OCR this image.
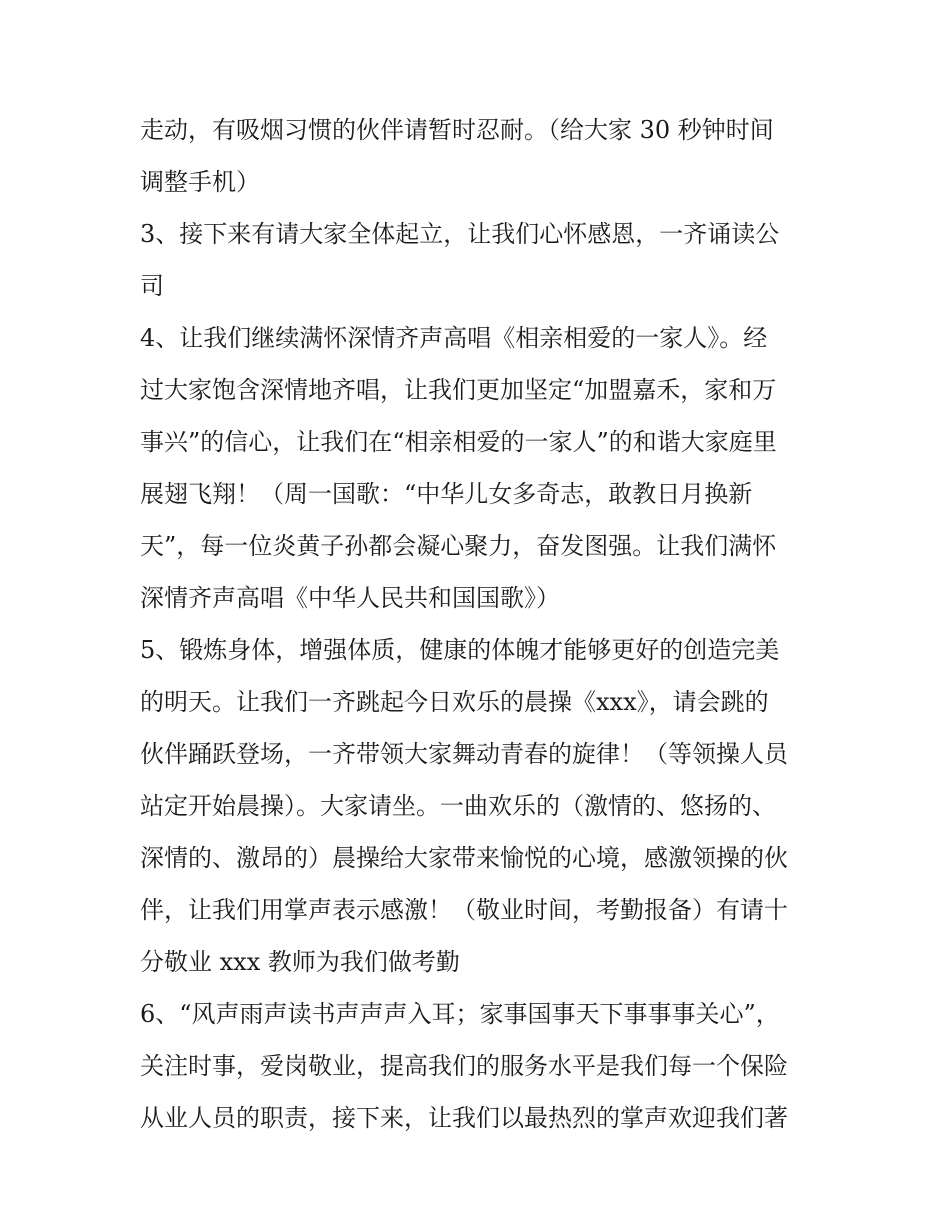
走动，有吸烟习惯的伙伴请暂时忍耐。（给大家 30 秒钟时间
调整手机）
3、接下来有请大家全体起立，让我们心怀感恩，一齐诵读公
司
4、让我们继续满怀深情齐声高唱《相亲相爱的一家人》。经
过大家饱含深情地齐唱，让我们更加坚定“加盟嘉禾，家和万
事兴”的信心，让我们在“相亲相爱的一家人”的和谐大家庭里
展翅飞翔！（周一国歌：“中华儿女多奇志，敢教日月换新
天”，每一位炎黄子孙都会凝心聚力，奋发图强。让我们满怀
深情齐声高唱《中华人民共和国国歌》）
5、锻炼身体，增强体质，健康的体魄才能够更好的创造完美
的明天。让我们一齐跳起今日欢乐的晨操《xxx》，请会跳的
伙伴踊跃登场，一齐带领大家舞动青春的旋律！（等领操人员
站定开始晨操）。大家请坐。一曲欢乐的（激情的、悠扬的、
深情的、激昂的）晨操给大家带来愉悦的心境，感激领操的伙
伴，让我们用掌声表示感激！（敬业时间，考勤报备）有请十
分敬业 xxx 教师为我们做考勤
6、“风声雨声读书声声声入耳；家事国事天下事事事关心”，
关注时事，爱岗敬业，提高我们的服务水平是我们每一个保险
从业人员的职责，接下来，让我们以最热烈的掌声欢迎我们著
